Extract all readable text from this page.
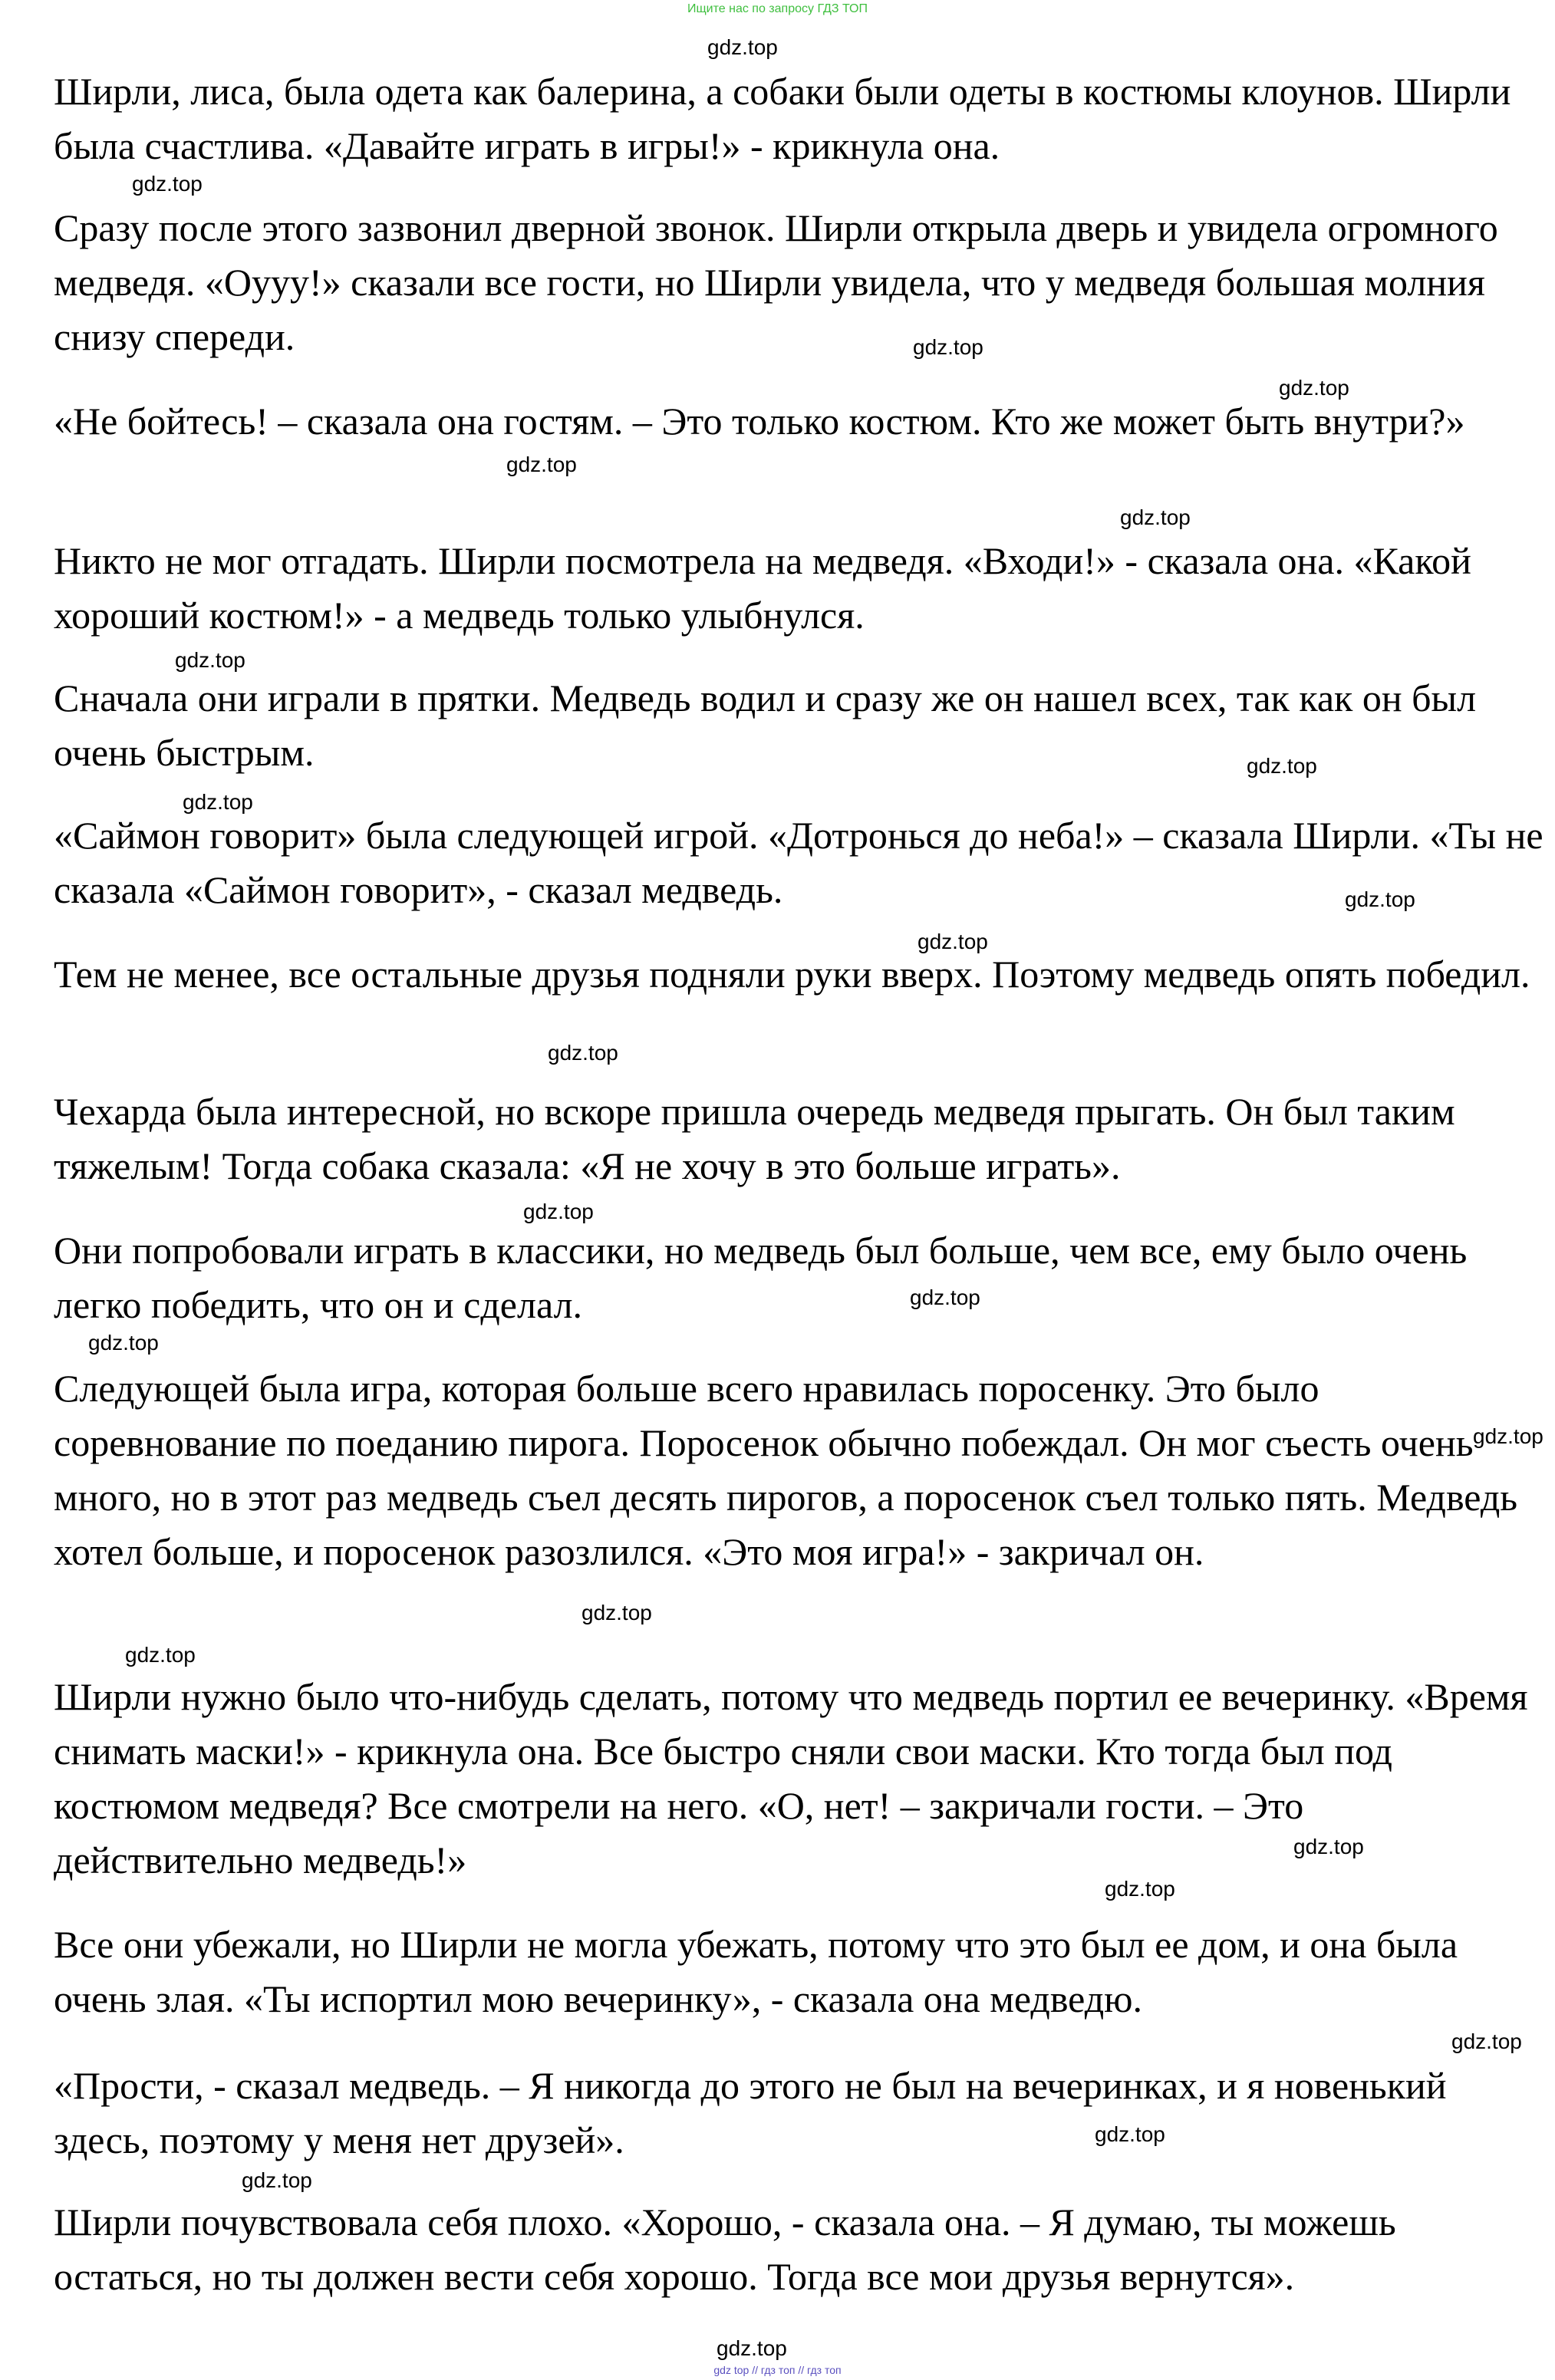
Ищите нас по запросу ГДЗ ТОП

Ширли, лиса, была одета как балерина, а собаки были одеты в костюмы клоунов. Ширли была счастлива. «Давайте играть в игры!» - крикнула она.

Сразу после этого зазвонил дверной звонок. Ширли открыла дверь и увидела огромного медведя. «Оууу!» сказали все гости, но Ширли увидела, что у медведя большая молния снизу спереди.

«Не бойтесь! – сказала она гостям. – Это только костюм. Кто же может быть внутри?»

Никто не мог отгадать. Ширли посмотрела на медведя. «Входи!» - сказала она. «Какой хороший костюм!» - а медведь только улыбнулся.

Сначала они играли в прятки. Медведь водил и сразу же он нашел всех, так как он был очень быстрым.

«Саймон говорит» была следующей игрой. «Дотронься до неба!» – сказала Ширли. «Ты не сказала «Саймон говорит», - сказал медведь.

Тем не менее, все остальные друзья подняли руки вверх. Поэтому медведь опять победил.

Чехарда была интересной, но вскоре пришла очередь медведя прыгать. Он был таким тяжелым! Тогда собака сказала: «Я не хочу в это больше играть».

Они попробовали играть в классики, но медведь был больше, чем все, ему было очень легко победить, что он и сделал.

Следующей была игра, которая больше всего нравилась поросенку. Это было соревнование по поеданию пирога. Поросенок обычно побеждал. Он мог съесть очень много, но в этот раз медведь съел десять пирогов, а поросенок съел только пять. Медведь хотел больше, и поросенок разозлился. «Это моя игра!» - закричал он.

Ширли нужно было что-нибудь сделать, потому что медведь портил ее вечеринку. «Время снимать маски!» - крикнула она. Все быстро сняли свои маски. Кто тогда был под костюмом медведя? Все смотрели на него. «О, нет! – закричали гости. – Это действительно медведь!»

Все они убежали, но Ширли не могла убежать, потому что это был ее дом, и она была очень злая. «Ты испортил мою вечеринку», - сказала она медведю.

«Прости, - сказал медведь. – Я никогда до этого не был на вечеринках, и я новенький здесь, поэтому у меня нет друзей».

Ширли почувствовала себя плохо. «Хорошо, - сказала она. – Я думаю, ты можешь остаться, но ты должен вести себя хорошо. Тогда все мои друзья вернутся».

gdz.top
gdz.top
gdz.top
gdz.top
gdz.top
gdz.top
gdz.top
gdz.top
gdz.top
gdz.top
gdz.top
gdz.top
gdz.top
gdz.top
gdz.top
gdz.top
gdz.top
gdz.top
gdz.top
gdz.top
gdz.top
gdz.top
gdz.top
gdz.top
gdz top // гдз топ // гдз топ
